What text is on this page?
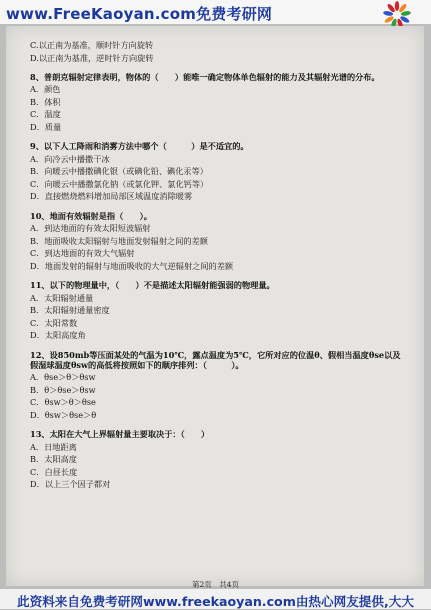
www.FreeKaoyan.com免费考研网
C.以正南为基准，顺时针方向旋转
D.以正南为基准，逆时针方向旋转
8、普朗克辐射定律表明，物体的（　　）能唯一确定物体单色辐射的能力及其辐射光谱的分布。
A．颜色
B．体积
C．温度
D．质量
9、以下人工降雨和消雾方法中哪个（　　　）是不适宜的。
A．向冷云中播撒干冰
B．向暖云中播撒碘化银（或碘化铅、碘化汞等）
C．向暖云中播撒氯化钠（或氯化钾、氯化钙等）
D．直接燃烧燃料增加局部区域温度消除暖雾
10、地面有效辐射是指（　　）。
A．到达地面的有效太阳短波辐射
B．地面吸收太阳辐射与地面发射辐射之间的差额
C．到达地面的有效大气辐射
D．地面发射的辐射与地面吸收的大气逆辐射之间的差额
11、以下的物理量中，（　　）不是描述太阳辐射能强弱的物理量。
A．太阳辐射通量
B．太阳辐射通量密度
C．太阳常数
D．太阳高度角
12、设850mb等压面某处的气温为10℃，露点温度为5℃，它所对应的位温θ、假相当温度θse以及假湿球温度θsw的高低将按照如下的顺序排列：（　　　）。
A．θse＞θ＞θsw
B．θ＞θse＞θsw
C．θsw＞θ＞θse
D．θsw＞θse＞θ
13、太阳在大气上界辐射量主要取决于：（　　）
A．日地距离
B．太阳高度
C．白昼长度
D．以上三个因子都对
第2页　共4页
此资料来自免费考研网www.freekaoyan.com由热心网友提供,大大
